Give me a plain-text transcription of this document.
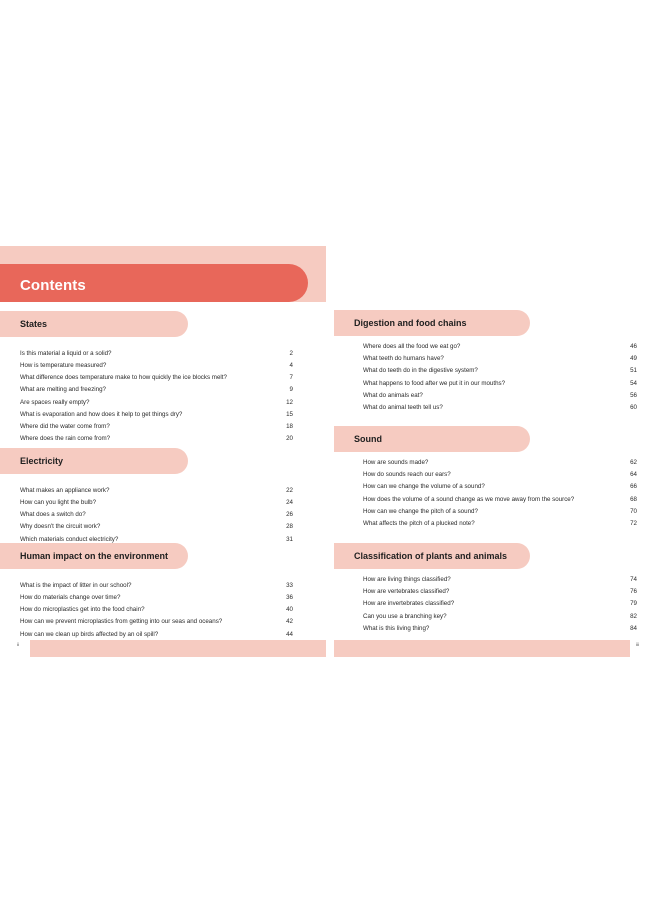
Contents
States
Is this material a liquid or a solid?	2
How is temperature measured?	4
What difference does temperature make to how quickly the ice blocks melt?	7
What are melting and freezing?	9
Are spaces really empty?	12
What is evaporation and how does it help to get things dry?	15
Where did the water come from?	18
Where does the rain come from?	20
Electricity
What makes an appliance work?	22
How can you light the bulb?	24
What does a switch do?	26
Why doesn't the circuit work?	28
Which materials conduct electricity?	31
Human impact on the environment
What is the impact of litter in our school?	33
How do materials change over time?	36
How do microplastics get into the food chain?	40
How can we prevent microplastics from getting into our seas and oceans?	42
How can we clean up birds affected by an oil spill?	44
Digestion and food chains
Where does all the food we eat go?	46
What teeth do humans have?	49
What do teeth do in the digestive system?	51
What happens to food after we put it in our mouths?	54
What do animals eat?	56
What do animal teeth tell us?	60
Sound
How are sounds made?	62
How do sounds reach our ears?	64
How can we change the volume of a sound?	66
How does the volume of a sound change as we move away from the source?	68
How can we change the pitch of a sound?	70
What affects the pitch of a plucked note?	72
Classification of plants and animals
How are living things classified?	74
How are vertebrates classified?	76
How are invertebrates classified?	79
Can you use a branching key?	82
What is this living thing?	84
ii	iii
